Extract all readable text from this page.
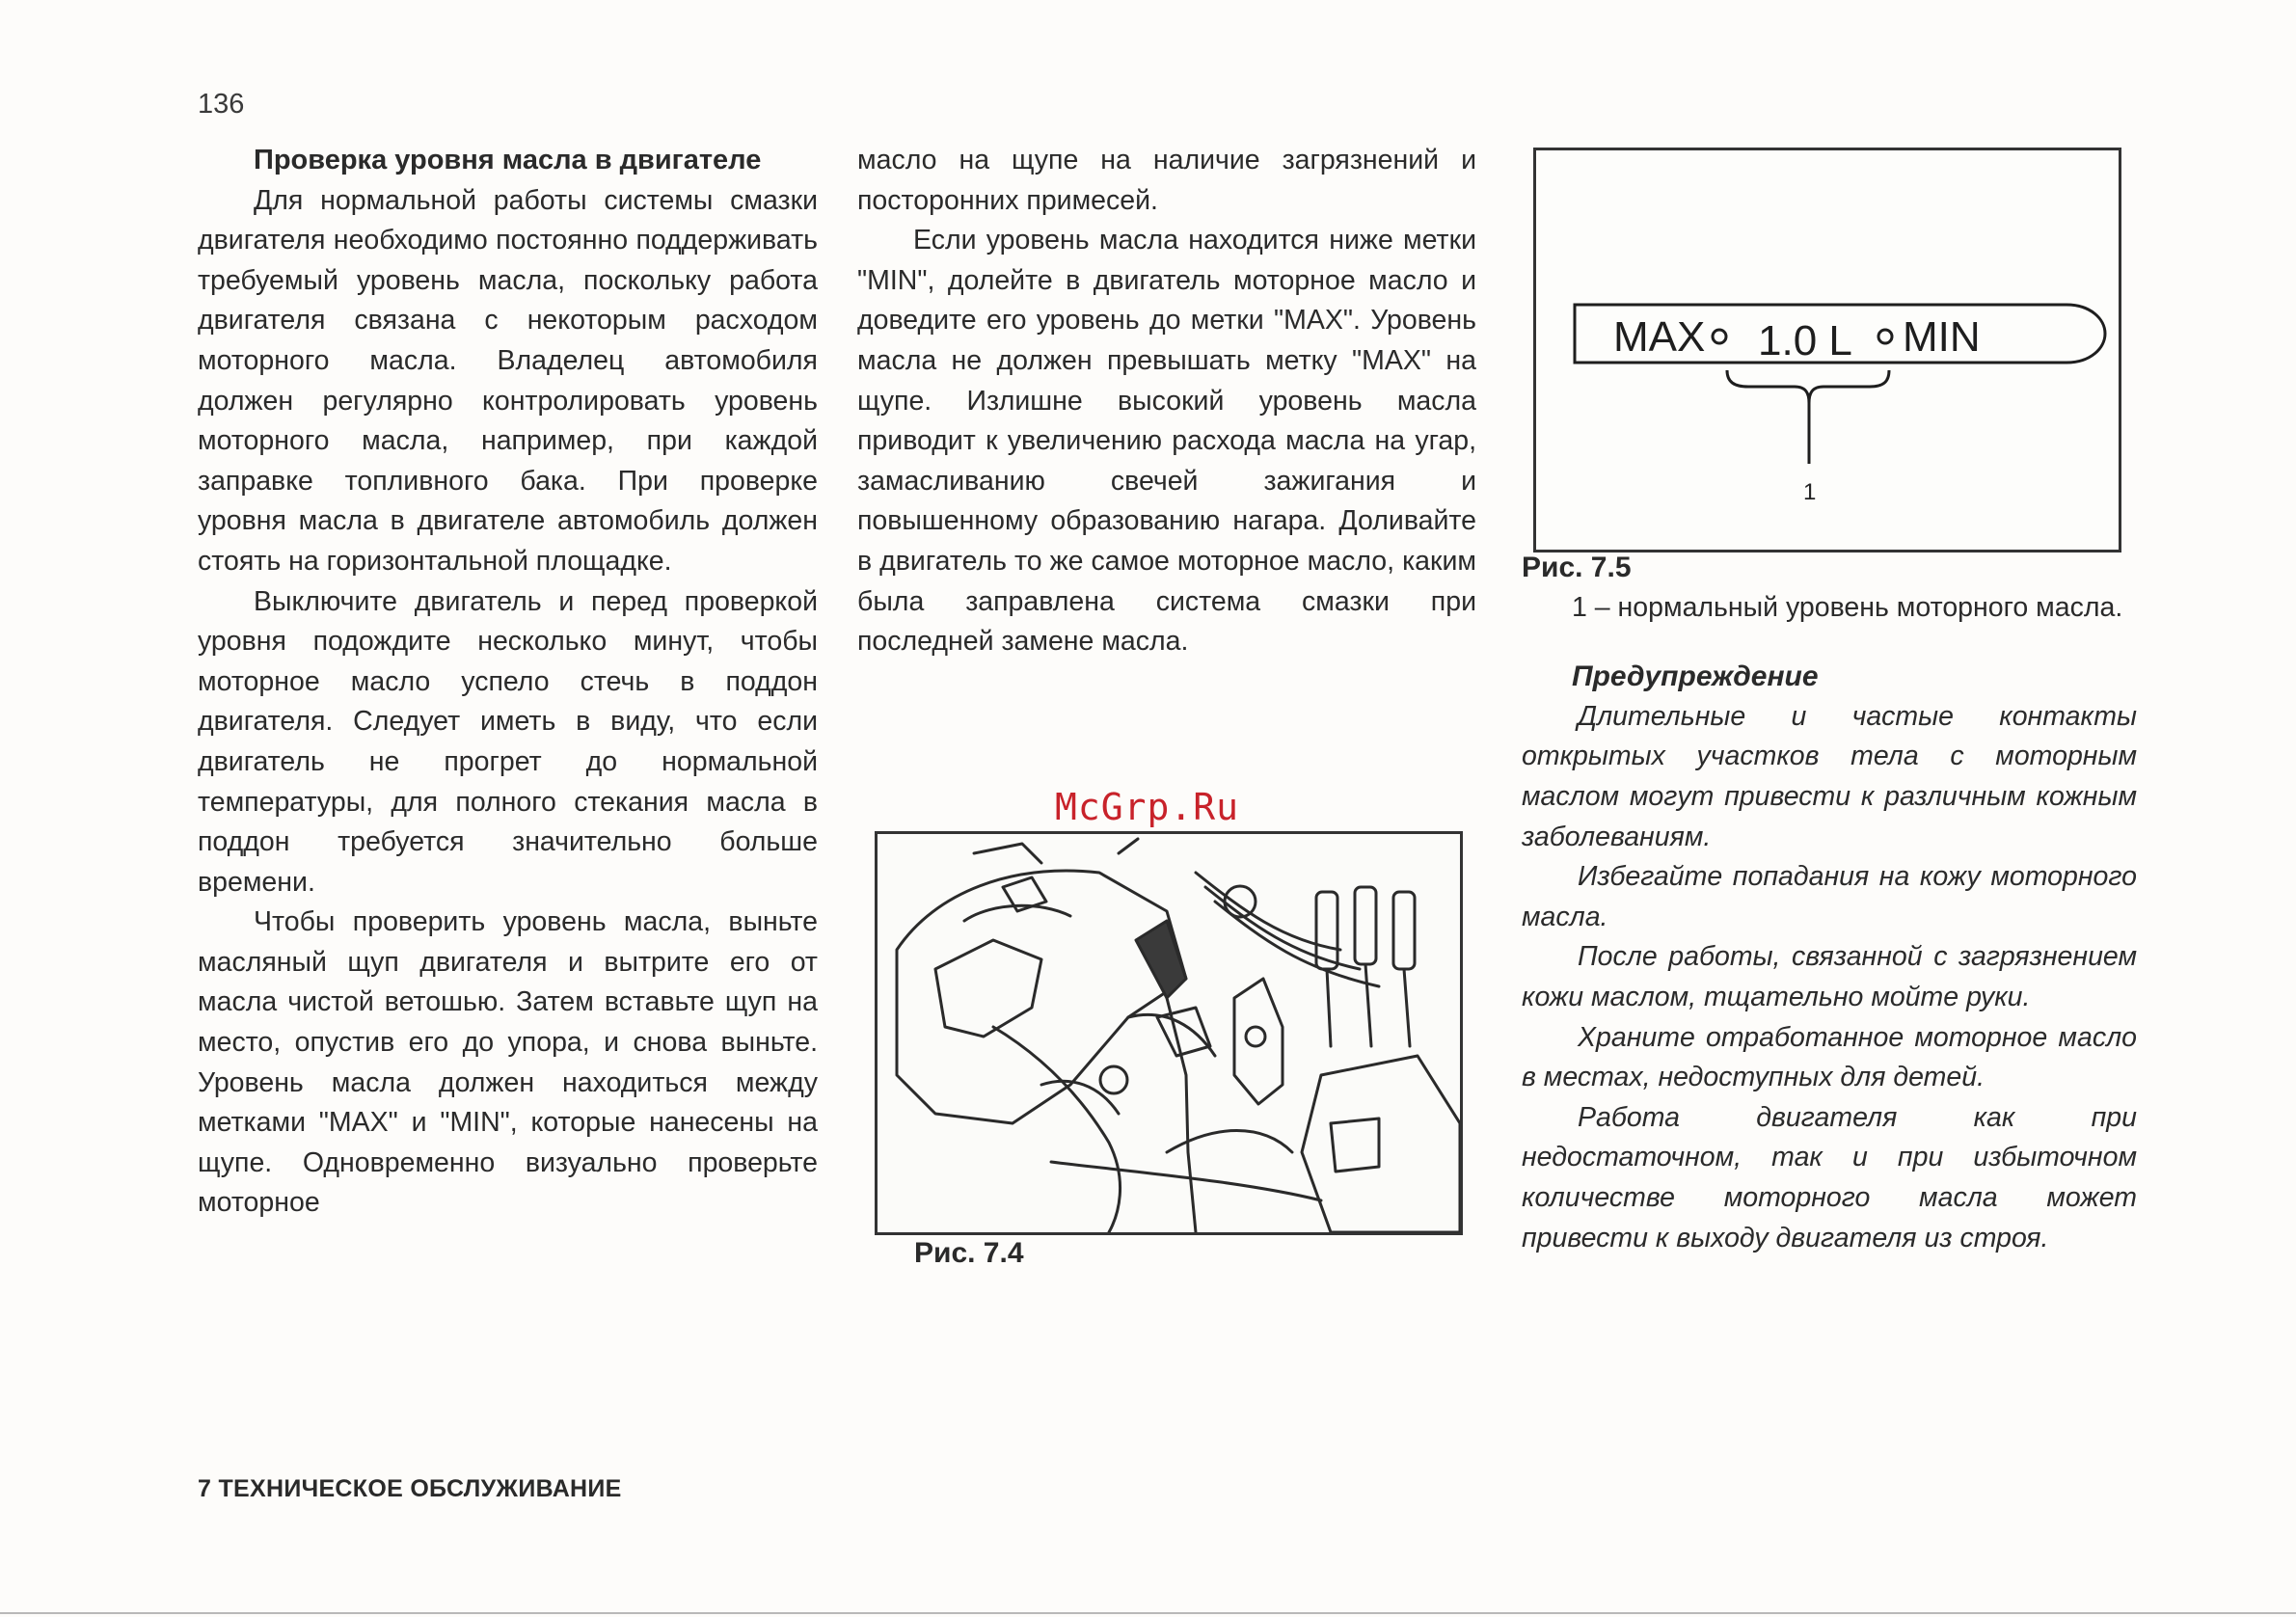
136

Проверка уровня масла в двигателе

Для нормальной работы системы смазки двигателя необходимо постоянно поддерживать требуемый уровень масла, поскольку работа двигателя связана с некоторым расходом моторного масла. Владелец автомобиля должен регулярно контролировать уровень моторного масла, например, при каждой заправке топливного бака. При проверке уровня масла в двигателе автомобиль должен стоять на горизонтальной площадке.

Выключите двигатель и перед проверкой уровня подождите несколько минут, чтобы моторное масло успело стечь в поддон двигателя. Следует иметь в виду, что если двигатель не прогрет до нормальной температуры, для полного стекания масла в поддон требуется значительно больше времени.

Чтобы проверить уровень масла, выньте масляный щуп двигателя и вытрите его от масла чистой ветошью. Затем вставьте щуп на место, опустив его до упора, и снова выньте. Уровень масла должен находиться между метками "MAX" и "MIN", которые нанесены на щупе. Одновременно визуально проверьте моторное

масло на щупе на наличие загрязнений и посторонних примесей.

Если уровень масла находится ниже метки "MIN", долейте в двигатель моторное масло и доведите его уровень до метки "MAX". Уровень масла не должен превышать метку "MAX" на щупе. Излишне высокий уровень масла приводит к увеличению расхода масла на угар, замасливанию свечей зажигания и повышенному образованию нагара. Доливайте в двигатель то же самое моторное масло, каким была заправлена система смазки при последней замене масла.

McGrp.Ru
Рис. 7.4
MAX 1.0 L MIN
1

Рис. 7.5

1 – нормальный уровень моторного масла.

Предупреждение

Длительные и частые контакты открытых участков тела с моторным маслом могут привести к различным кожным заболеваниям.

Избегайте попадания на кожу моторного масла.

После работы, связанной с загрязнением кожи маслом, тщательно мойте руки.

Храните отработанное моторное масло в местах, недоступных для детей.

Работа двигателя как при недостаточном, так и при избыточном количестве моторного масла может привести к выходу двигателя из строя.

7 ТЕХНИЧЕСКОЕ ОБСЛУЖИВАНИЕ
